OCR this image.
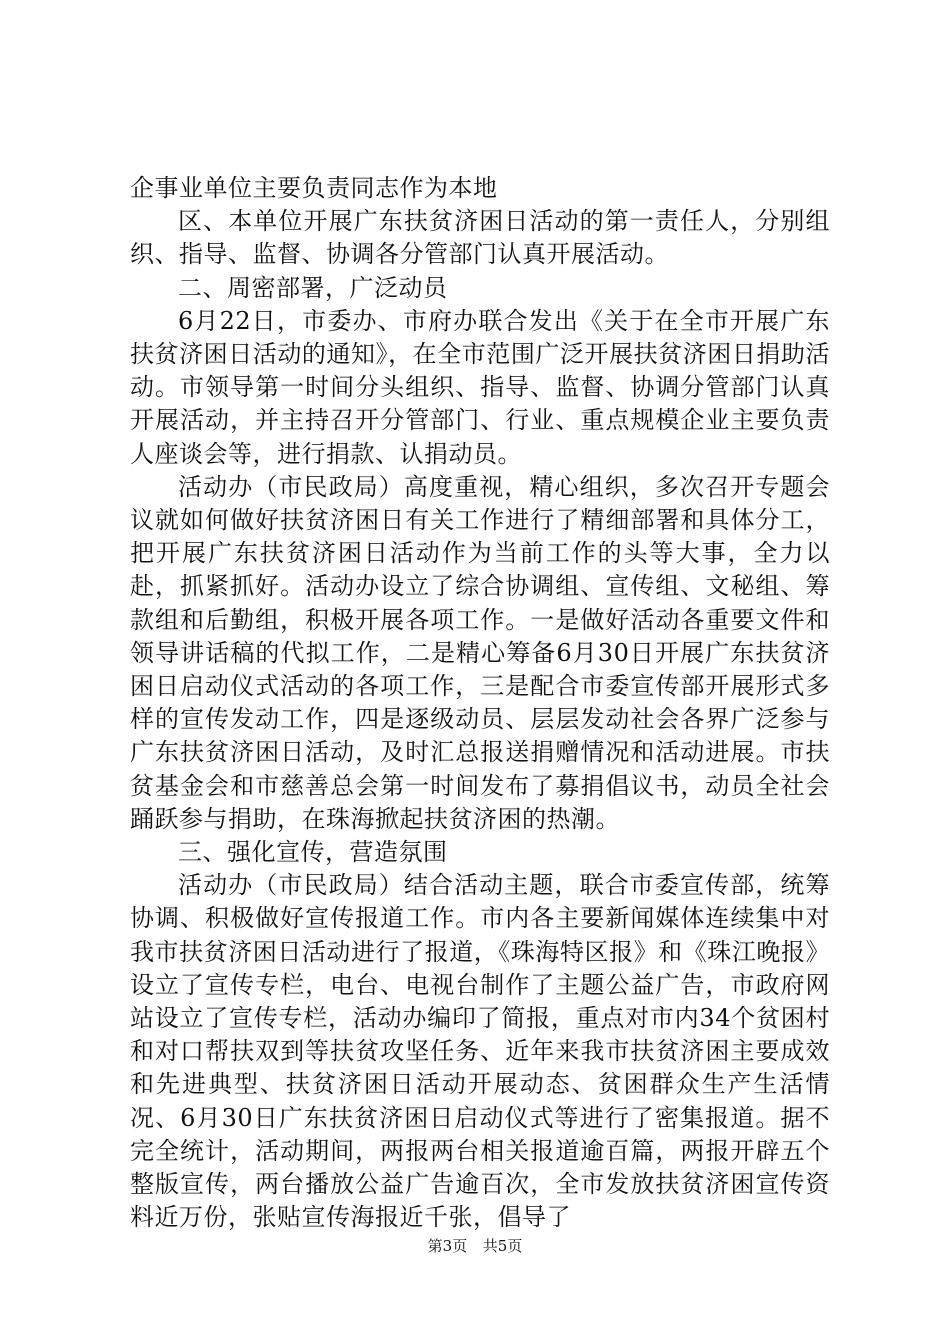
企事业单位主要负责同志作为本地

区、本单位开展广东扶贫济困日活动的第一责任人，分别组织、指导、监督、协调各分管部门认真开展活动。

二、周密部署，广泛动员

6月22日，市委办、市府办联合发出《关于在全市开展广东扶贫济困日活动的通知》，在全市范围广泛开展扶贫济困日捐助活动。市领导第一时间分头组织、指导、监督、协调分管部门认真开展活动，并主持召开分管部门、行业、重点规模企业主要负责人座谈会等，进行捐款、认捐动员。

活动办（市民政局）高度重视，精心组织，多次召开专题会议就如何做好扶贫济困日有关工作进行了精细部署和具体分工，把开展广东扶贫济困日活动作为当前工作的头等大事，全力以赴，抓紧抓好。活动办设立了综合协调组、宣传组、文秘组、筹款组和后勤组，积极开展各项工作。一是做好活动各重要文件和领导讲话稿的代拟工作，二是精心筹备6月30日开展广东扶贫济困日启动仪式活动的各项工作，三是配合市委宣传部开展形式多样的宣传发动工作，四是逐级动员、层层发动社会各界广泛参与广东扶贫济困日活动，及时汇总报送捐赠情况和活动进展。市扶贫基金会和市慈善总会第一时间发布了募捐倡议书，动员全社会踊跃参与捐助，在珠海掀起扶贫济困的热潮。

三、强化宣传，营造氛围

活动办（市民政局）结合活动主题，联合市委宣传部，统筹协调、积极做好宣传报道工作。市内各主要新闻媒体连续集中对我市扶贫济困日活动进行了报道，《珠海特区报》和《珠江晚报》设立了宣传专栏，电台、电视台制作了主题公益广告，市政府网站设立了宣传专栏，活动办编印了简报，重点对市内34个贫困村和对口帮扶双到等扶贫攻坚任务、近年来我市扶贫济困主要成效和先进典型、扶贫济困日活动开展动态、贫困群众生产生活情况、6月30日广东扶贫济困日启动仪式等进行了密集报道。据不完全统计，活动期间，两报两台相关报道逾百篇，两报开辟五个整版宣传，两台播放公益广告逾百次，全市发放扶贫济困宣传资料近万份，张贴宣传海报近千张，倡导了

第3页 共5页
